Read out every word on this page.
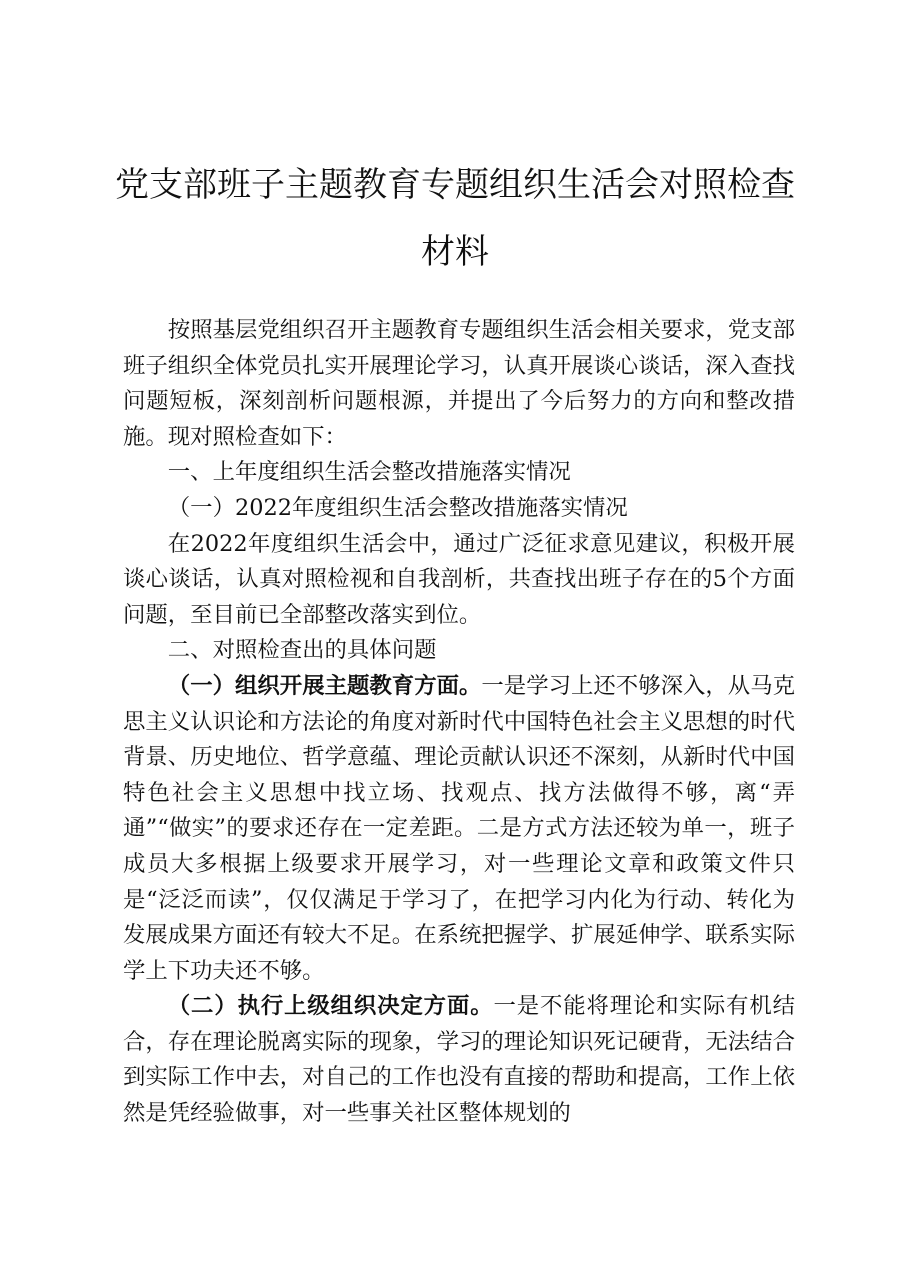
党支部班子主题教育专题组织生活会对照检查
材料

按照基层党组织召开主题教育专题组织生活会相关要求，党支部班子组织全体党员扎实开展理论学习，认真开展谈心谈话，深入查找问题短板，深刻剖析问题根源，并提出了今后努力的方向和整改措施。现对照检查如下：

一、上年度组织生活会整改措施落实情况
（一）2022年度组织生活会整改措施落实情况

在2022年度组织生活会中，通过广泛征求意见建议，积极开展谈心谈话，认真对照检视和自我剖析，共查找出班子存在的5个方面问题，至目前已全部整改落实到位。

二、对照检查出的具体问题

（一）组织开展主题教育方面。一是学习上还不够深入，从马克思主义认识论和方法论的角度对新时代中国特色社会主义思想的时代背景、历史地位、哲学意蕴、理论贡献认识还不深刻，从新时代中国特色社会主义思想中找立场、找观点、找方法做得不够，离“弄通”“做实”的要求还存在一定差距。二是方式方法还较为单一，班子成员大多根据上级要求开展学习，对一些理论文章和政策文件只是“泛泛而读”，仅仅满足于学习了，在把学习内化为行动、转化为发展成果方面还有较大不足。在系统把握学、扩展延伸学、联系实际学上下功夫还不够。

（二）执行上级组织决定方面。一是不能将理论和实际有机结合，存在理论脱离实际的现象，学习的理论知识死记硬背，无法结合到实际工作中去，对自己的工作也没有直接的帮助和提高，工作上依然是凭经验做事，对一些事关社区整体规划的
